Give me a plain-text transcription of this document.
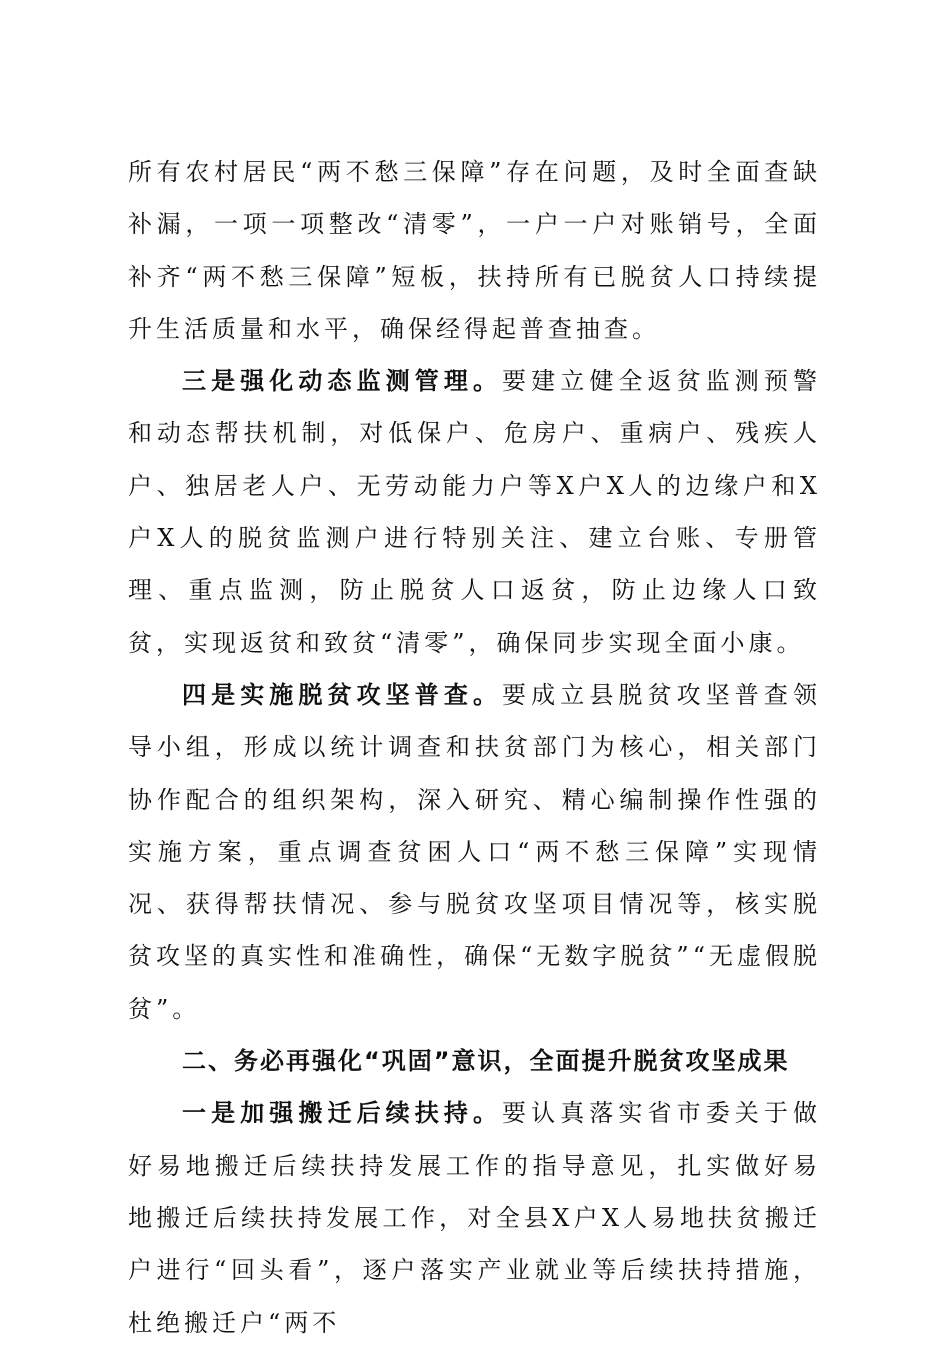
所有农村居民“两不愁三保障”存在问题，及时全面查缺补漏，一项一项整改“清零”，一户一户对账销号，全面补齐“两不愁三保障”短板，扶持所有已脱贫人口持续提升生活质量和水平，确保经得起普查抽查。

三是强化动态监测管理。要建立健全返贫监测预警和动态帮扶机制，对低保户、危房户、重病户、残疾人户、独居老人户、无劳动能力户等X户X人的边缘户和X户X人的脱贫监测户进行特别关注、建立台账、专册管理、重点监测，防止脱贫人口返贫，防止边缘人口致贫，实现返贫和致贫“清零”，确保同步实现全面小康。

四是实施脱贫攻坚普查。要成立县脱贫攻坚普查领导小组，形成以统计调查和扶贫部门为核心，相关部门协作配合的组织架构，深入研究、精心编制操作性强的实施方案，重点调查贫困人口“两不愁三保障”实现情况、获得帮扶情况、参与脱贫攻坚项目情况等，核实脱贫攻坚的真实性和准确性，确保“无数字脱贫”“无虚假脱贫”。

二、务必再强化“巩固”意识，全面提升脱贫攻坚成果

一是加强搬迁后续扶持。要认真落实省市委关于做好易地搬迁后续扶持发展工作的指导意见，扎实做好易地搬迁后续扶持发展工作，对全县X户X人易地扶贫搬迁户进行“回头看”，逐户落实产业就业等后续扶持措施，杜绝搬迁户“两不
